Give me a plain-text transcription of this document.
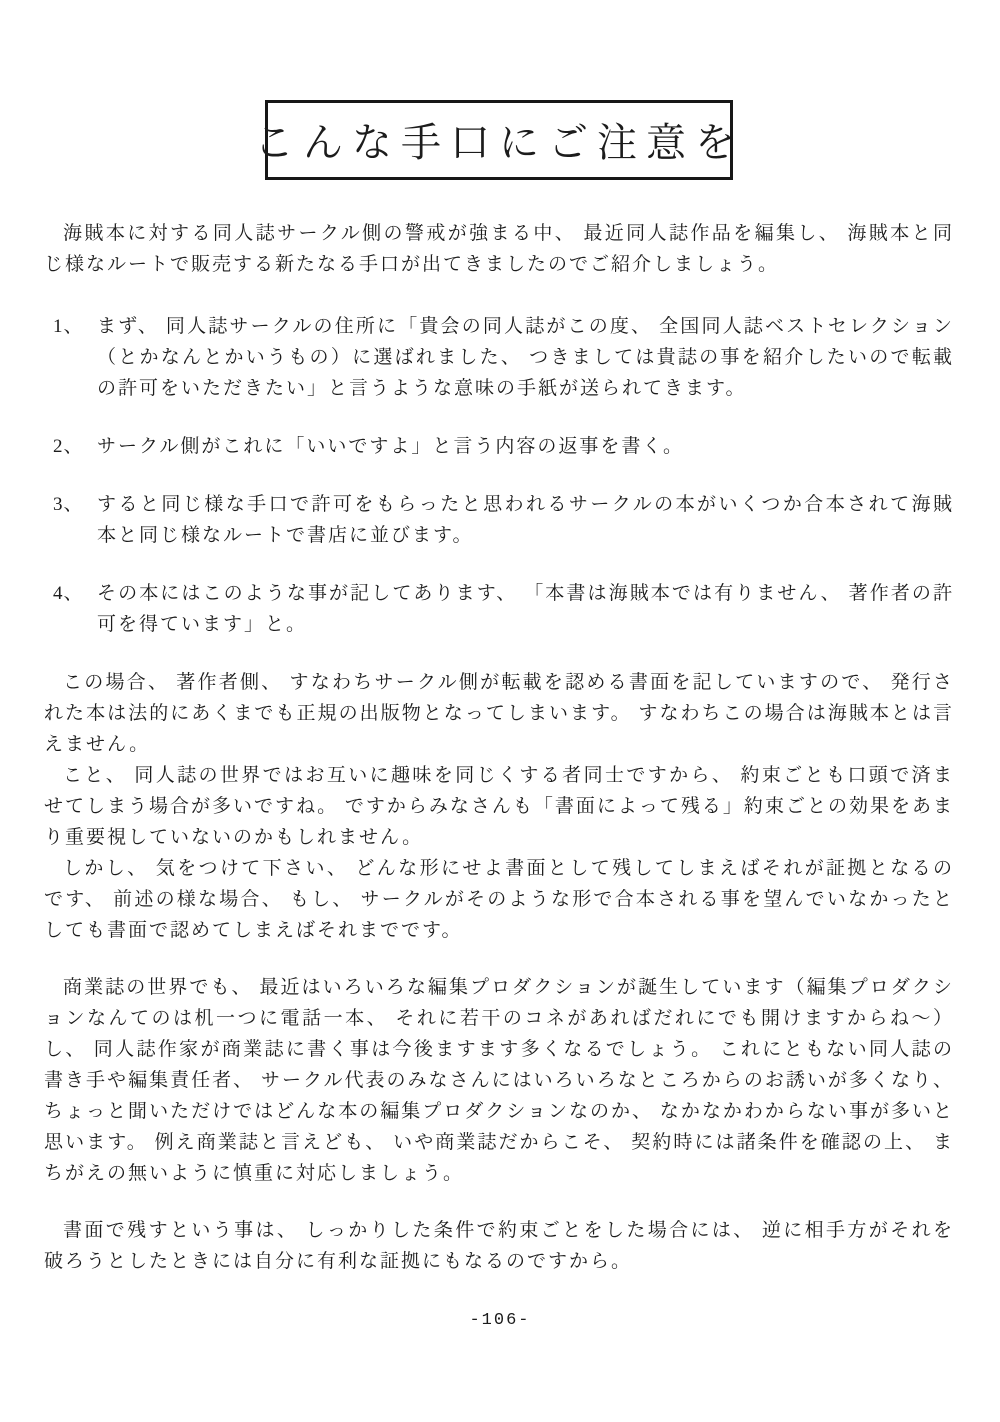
こんな手口にご注意を

海賊本に対する同人誌サークル側の警戒が強まる中、 最近同人誌作品を編集し、 海賊本と同じ様なルートで販売する新たなる手口が出てきましたのでご紹介しましょう。

1、 まず、 同人誌サークルの住所に「貴会の同人誌がこの度、 全国同人誌ベストセレクション（とかなんとかいうもの）に選ばれました、 つきましては貴誌の事を紹介したいので転載の許可をいただきたい」と言うような意味の手紙が送られてきます。
2、 サークル側がこれに「いいですよ」と言う内容の返事を書く。
3、 すると同じ様な手口で許可をもらったと思われるサークルの本がいくつか合本されて海賊本と同じ様なルートで書店に並びます。
4、 その本にはこのような事が記してあります、 「本書は海賊本では有りません、 著作者の許可を得ています」と。

この場合、 著作者側、 すなわちサークル側が転載を認める書面を記していますので、 発行された本は法的にあくまでも正規の出版物となってしまいます。 すなわちこの場合は海賊本とは言えません。

こと、 同人誌の世界ではお互いに趣味を同じくする者同士ですから、 約束ごとも口頭で済ませてしまう場合が多いですね。 ですからみなさんも「書面によって残る」約束ごとの効果をあまり重要視していないのかもしれません。

しかし、 気をつけて下さい、 どんな形にせよ書面として残してしまえばそれが証拠となるのです、 前述の様な場合、 もし、 サークルがそのような形で合本される事を望んでいなかったとしても書面で認めてしまえばそれまでです。

商業誌の世界でも、 最近はいろいろな編集プロダクションが誕生しています（編集プロダクションなんてのは机一つに電話一本、 それに若干のコネがあればだれにでも開けますからね～）し、 同人誌作家が商業誌に書く事は今後ますます多くなるでしょう。 これにともない同人誌の書き手や編集責任者、 サークル代表のみなさんにはいろいろなところからのお誘いが多くなり、 ちょっと聞いただけではどんな本の編集プロダクションなのか、 なかなかわからない事が多いと思います。 例え商業誌と言えども、 いや商業誌だからこそ、 契約時には諸条件を確認の上、 まちがえの無いように慎重に対応しましょう。

書面で残すという事は、 しっかりした条件で約束ごとをした場合には、 逆に相手方がそれを破ろうとしたときには自分に有利な証拠にもなるのですから。

-106-
